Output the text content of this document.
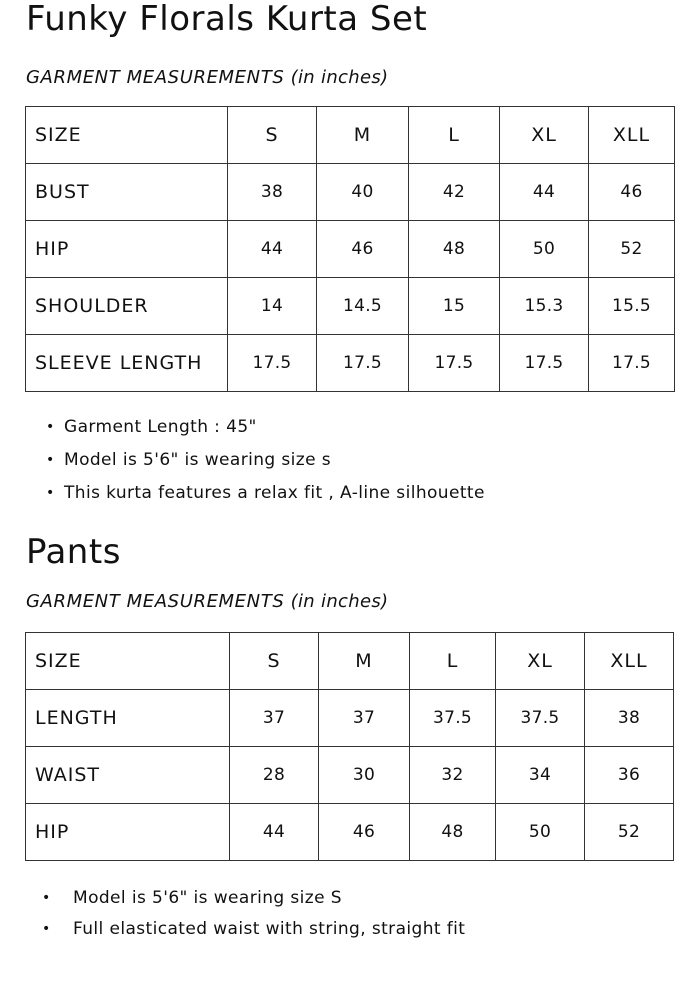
Funky Florals Kurta Set

GARMENT MEASUREMENTS (in inches)

SIZE	S	M	L	XL	XLL
BUST	38	40	42	44	46
HIP	44	46	48	50	52
SHOULDER	14	14.5	15	15.3	15.5
SLEEVE LENGTH	17.5	17.5	17.5	17.5	17.5
• Garment Length : 45"
• Model is 5'6" is wearing size s
• This kurta features a relax fit , A-line silhouette
Pants

GARMENT MEASUREMENTS (in inches)

SIZE	S	M	L	XL	XLL
LENGTH	37	37	37.5	37.5	38
WAIST	28	30	32	34	36
HIP	44	46	48	50	52
• Model is 5'6" is wearing size S
• Full elasticated waist with string, straight fit
